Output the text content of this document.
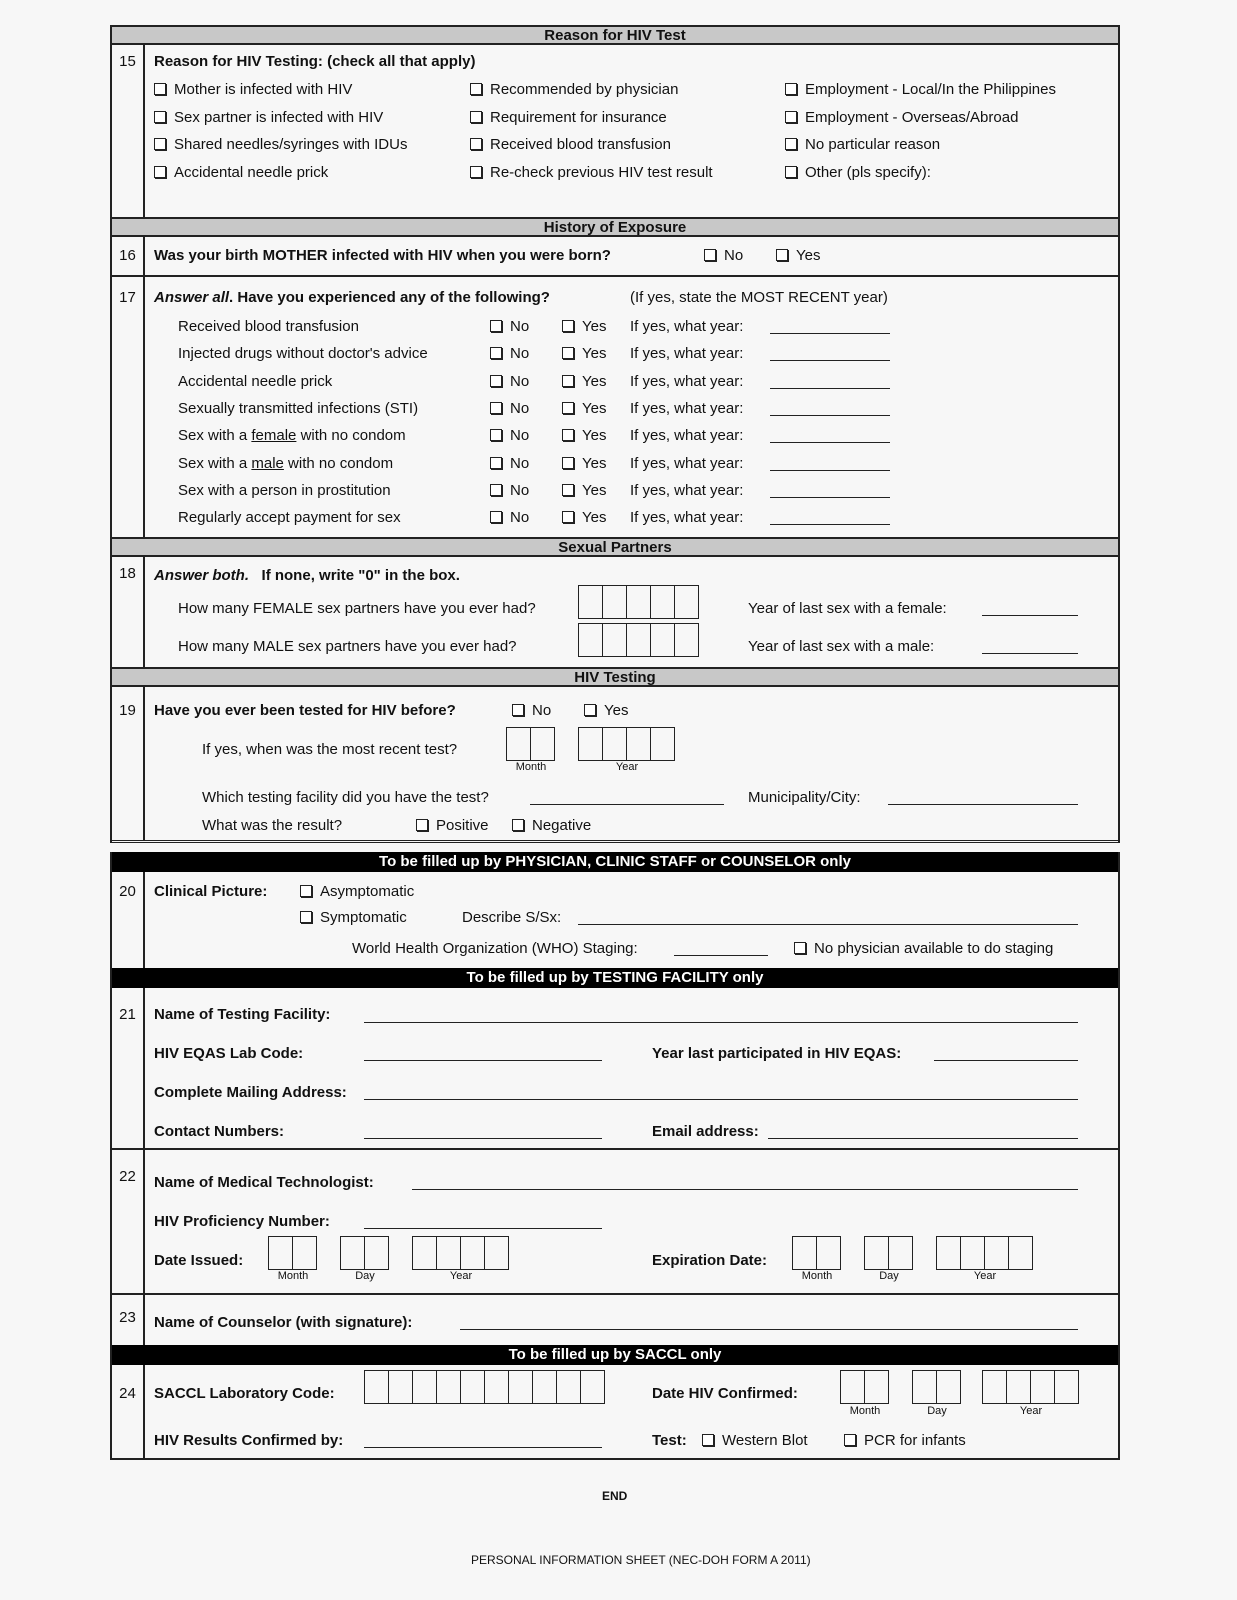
Reason for HIV Test
15	Reason for HIV Testing: (check all that apply)
Mother is infected with HIV
Sex partner is infected with HIV
Shared needles/syringes with IDUs
Accidental needle prick
Recommended by physician
Requirement for insurance
Received blood transfusion
Re-check previous HIV test result
Employment - Local/In the Philippines
Employment - Overseas/Abroad
No particular reason
Other (pls specify):
History of Exposure
16	Was your birth MOTHER infected with HIV when you were born?	No	Yes
17	Answer all. Have you experienced any of the following?	(If yes, state the MOST RECENT year)
Received blood transfusion	No	Yes If yes, what year:
Injected drugs without doctor's advice	No	Yes If yes, what year:
Accidental needle prick	No	Yes If yes, what year:
Sexually transmitted infections (STI)	No	Yes If yes, what year:
Sex with a female with no condom	No	Yes If yes, what year:
Sex with a male with no condom	No	Yes If yes, what year:
Sex with a person in prostitution	No	Yes If yes, what year:
Regularly accept payment for sex	No	Yes If yes, what year:
Sexual Partners
18	Answer both. If none, write "0" in the box.
How many FEMALE sex partners have you ever had?	Year of last sex with a female:
How many MALE sex partners have you ever had?	Year of last sex with a male:
HIV Testing
19	Have you ever been tested for HIV before?	No	Yes
If yes, when was the most recent test?
Month	Year
Which testing facility did you have the test?	Municipality/City:
What was the result?	Positive	Negative
To be filled up by PHYSICIAN, CLINIC STAFF or COUNSELOR only
20	Clinical Picture:	Asymptomatic
Symptomatic	Describe S/Sx:
World Health Organization (WHO) Staging:	No physician available to do staging
To be filled up by TESTING FACILITY only
21	Name of Testing Facility:
HIV EQAS Lab Code:	Year last participated in HIV EQAS:
Complete Mailing Address:
Contact Numbers:	Email address:
22	Name of Medical Technologist:
HIV Proficiency Number:
Date Issued:
Month	Day	Year
Expiration Date:
Month	Day	Year
23	Name of Counselor (with signature):
To be filled up by SACCL only
24	SACCL Laboratory Code:	Date HIV Confirmed:
Month	Day	Year
HIV Results Confirmed by:	Test:	Western Blot	PCR for infants
END
PERSONAL INFORMATION SHEET (NEC-DOH FORM A 2011)
